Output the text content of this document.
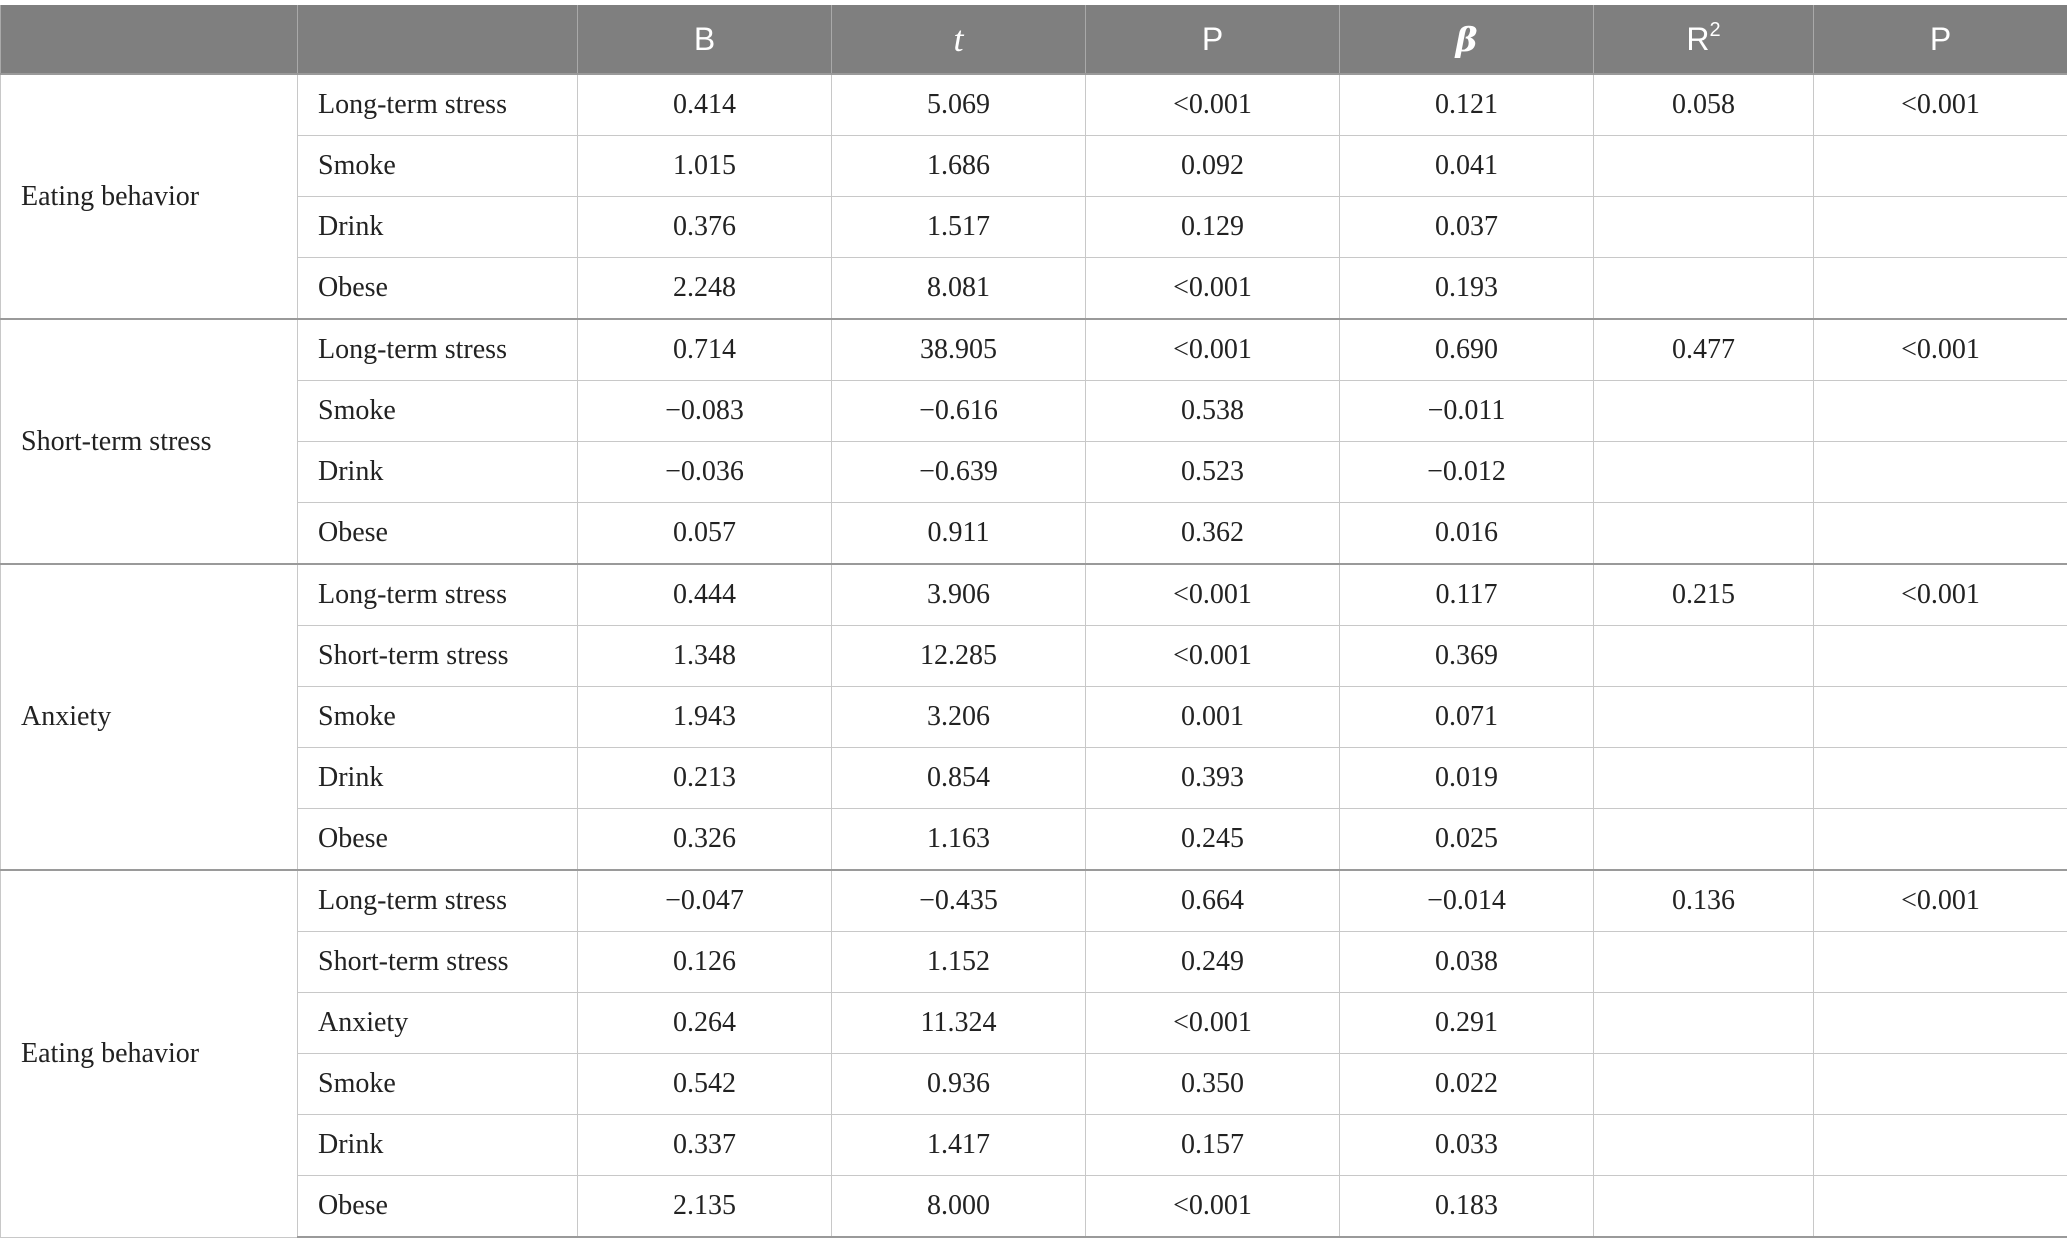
		B	t	P	β	$R^2$	P
Eating behavior	Long-term stress	0.414	5.069	<0.001	0.121	0.058	<0.001
	Smoke	1.015	1.686	0.092	0.041		
	Drink	0.376	1.517	0.129	0.037		
	Obese	2.248	8.081	<0.001	0.193		
Short-term stress	Long-term stress	0.714	38.905	<0.001	0.690	0.477	<0.001
	Smoke	−0.083	−0.616	0.538	−0.011		
	Drink	−0.036	−0.639	0.523	−0.012		
	Obese	0.057	0.911	0.362	0.016		
Anxiety	Long-term stress	0.444	3.906	<0.001	0.117	0.215	<0.001
	Short-term stress	1.348	12.285	<0.001	0.369		
	Smoke	1.943	3.206	0.001	0.071		
	Drink	0.213	0.854	0.393	0.019		
	Obese	0.326	1.163	0.245	0.025		
Eating behavior	Long-term stress	−0.047	−0.435	0.664	−0.014	0.136	<0.001
	Short-term stress	0.126	1.152	0.249	0.038		
	Anxiety	0.264	11.324	<0.001	0.291		
	Smoke	0.542	0.936	0.350	0.022		
	Drink	0.337	1.417	0.157	0.033		
	Obese	2.135	8.000	<0.001	0.183		
